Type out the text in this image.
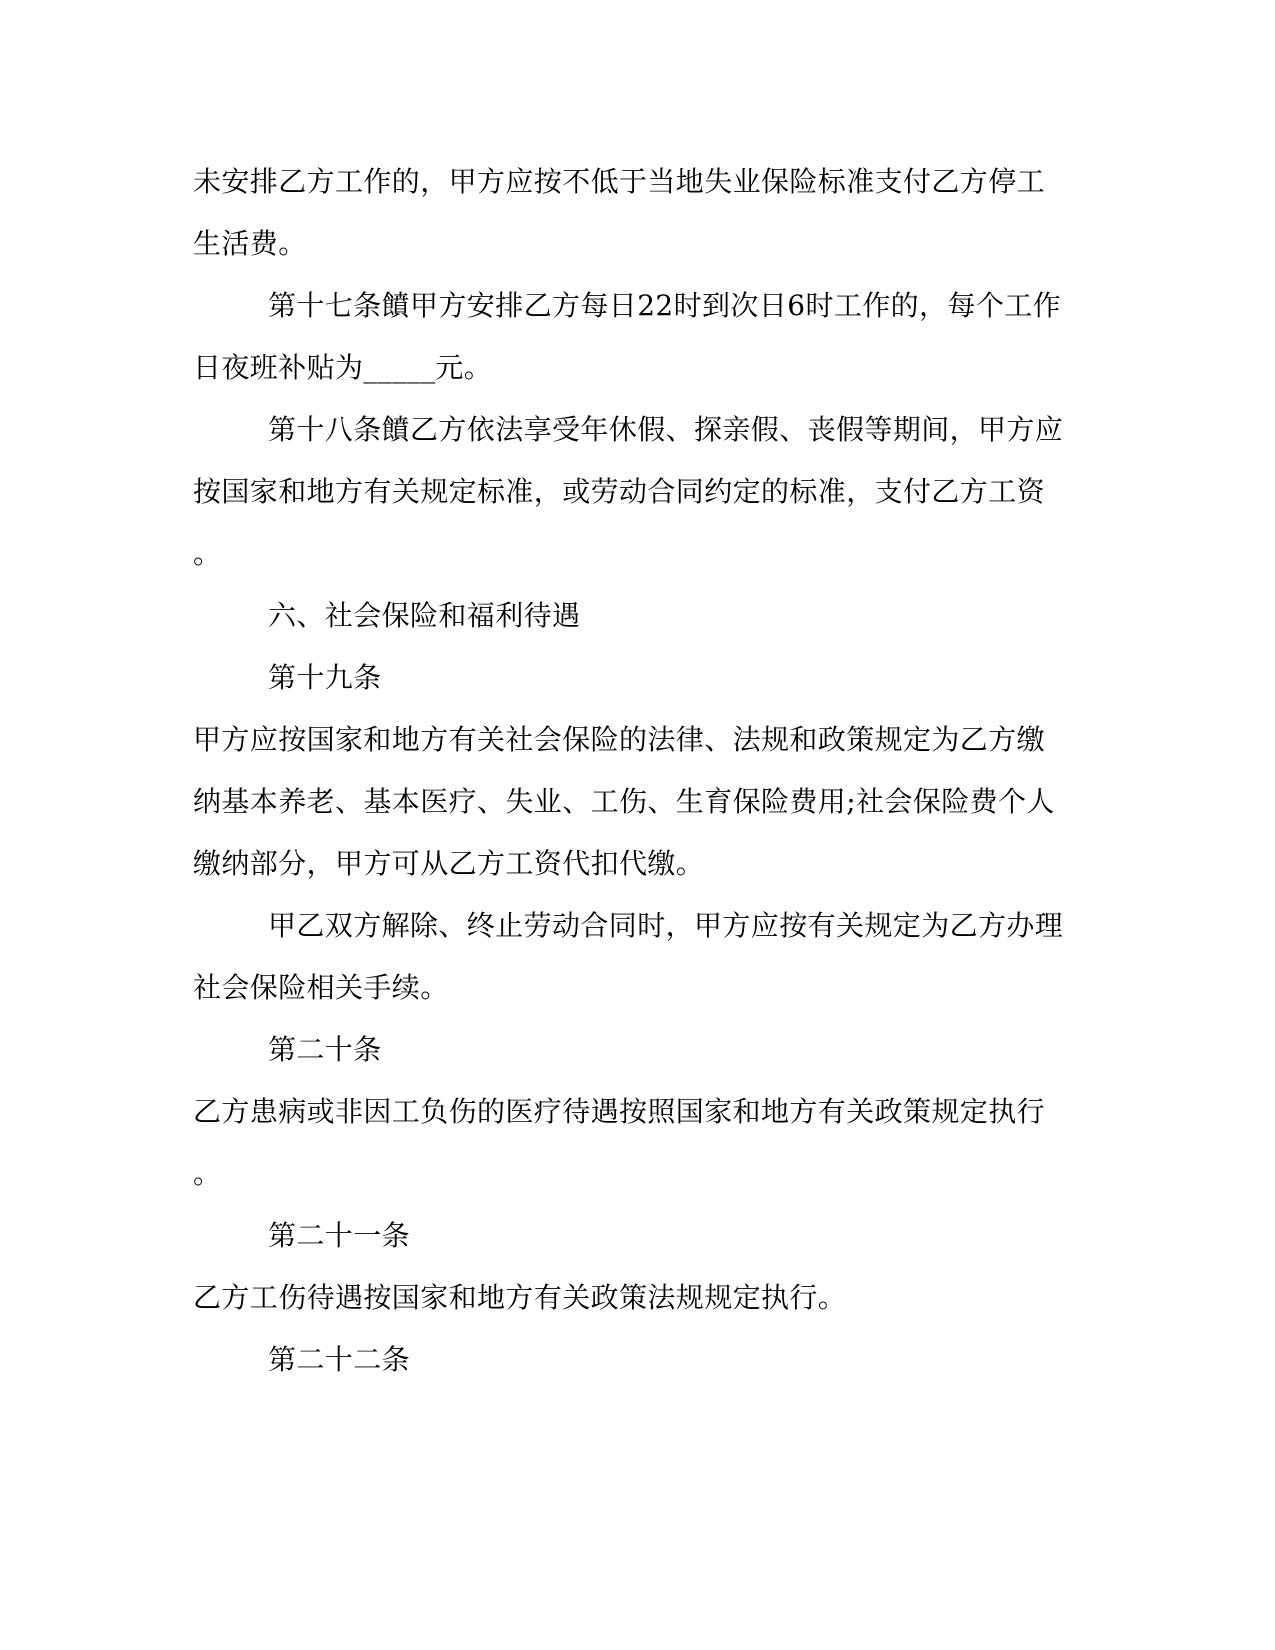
未安排乙方工作的，甲方应按不低于当地失业保险标准支付乙方停工
生活费。
第十七条饙甲方安排乙方每日22时到次日6时工作的，每个工作
日夜班补贴为_____元。
第十八条饙乙方依法享受年休假、探亲假、丧假等期间，甲方应
按国家和地方有关规定标准，或劳动合同约定的标准，支付乙方工资
。
六、社会保险和福利待遇
第十九条
甲方应按国家和地方有关社会保险的法律、法规和政策规定为乙方缴
纳基本养老、基本医疗、失业、工伤、生育保险费用;社会保险费个人
缴纳部分，甲方可从乙方工资代扣代缴。
甲乙双方解除、终止劳动合同时，甲方应按有关规定为乙方办理
社会保险相关手续。
第二十条
乙方患病或非因工负伤的医疗待遇按照国家和地方有关政策规定执行
。
第二十一条
乙方工伤待遇按国家和地方有关政策法规规定执行。
第二十二条
